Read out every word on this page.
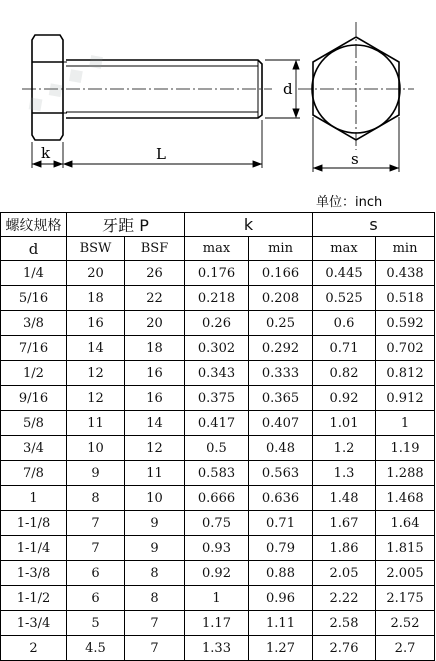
d
k	L	s
单位：inch
螺纹规格	牙距 P		k		s	
d	BSW	BSF	max	min	max	min
1/4	20	26	0.176	0.166	0.445	0.438
5/16	18	22	0.218	0.208	0.525	0.518
3/8	16	20	0.26	0.25	0.6	0.592
7/16	14	18	0.302	0.292	0.71	0.702
1/2	12	16	0.343	0.333	0.82	0.812
9/16	12	16	0.375	0.365	0.92	0.912
5/8	11	14	0.417	0.407	1.01	1
3/4	10	12	0.5	0.48	1.2	1.19
7/8	9	11	0.583	0.563	1.3	1.288
1	8	10	0.666	0.636	1.48	1.468
1-1/8	7	9	0.75	0.71	1.67	1.64
1-1/4	7	9	0.93	0.79	1.86	1.815
1-3/8	6	8	0.92	0.88	2.05	2.005
1-1/2	6	8	1	0.96	2.22	2.175
1-3/4	5	7	1.17	1.11	2.58	2.52
2	4.5	7	1.33	1.27	2.76	2.7
◆ ◆ ◆ ◆
